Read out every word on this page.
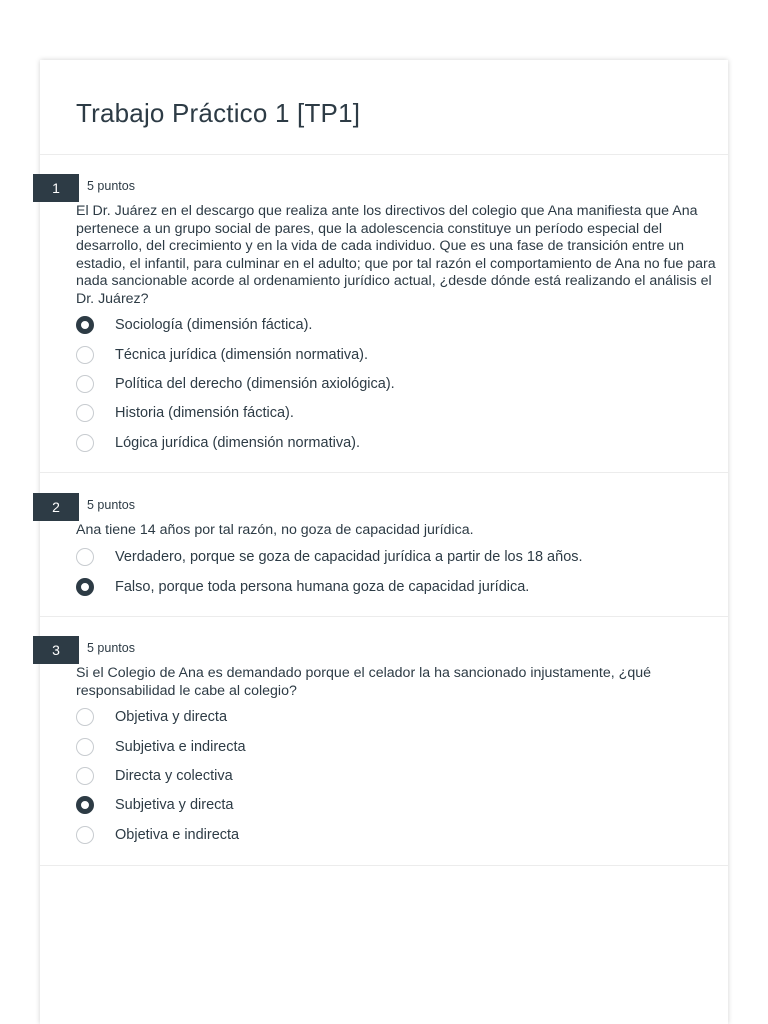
Trabajo Práctico 1 [TP1]
1	5 puntos

El Dr. Juárez en el descargo que realiza ante los directivos del colegio que Ana manifiesta que Ana pertenece a un grupo social de pares, que la adolescencia constituye un período especial del desarrollo, del crecimiento y en la vida de cada individuo. Que es una fase de transición entre un estadio, el infantil, para culminar en el adulto; que por tal razón el comportamiento de Ana no fue para nada sancionable acorde al ordenamiento jurídico actual, ¿desde dónde está realizando el análisis el Dr. Juárez?

Sociología (dimensión fáctica).
Técnica jurídica (dimensión normativa).
Política del derecho (dimensión axiológica).
Historia (dimensión fáctica).
Lógica jurídica (dimensión normativa).
2	5 puntos

Ana tiene 14 años por tal razón, no goza de capacidad jurídica.

Verdadero, porque se goza de capacidad jurídica a partir de los 18 años.
Falso, porque toda persona humana goza de capacidad jurídica.
3	5 puntos

Si el Colegio de Ana es demandado porque el celador la ha sancionado injustamente, ¿qué responsabilidad le cabe al colegio?

Objetiva y directa
Subjetiva e indirecta
Directa y colectiva
Subjetiva y directa
Objetiva e indirecta
